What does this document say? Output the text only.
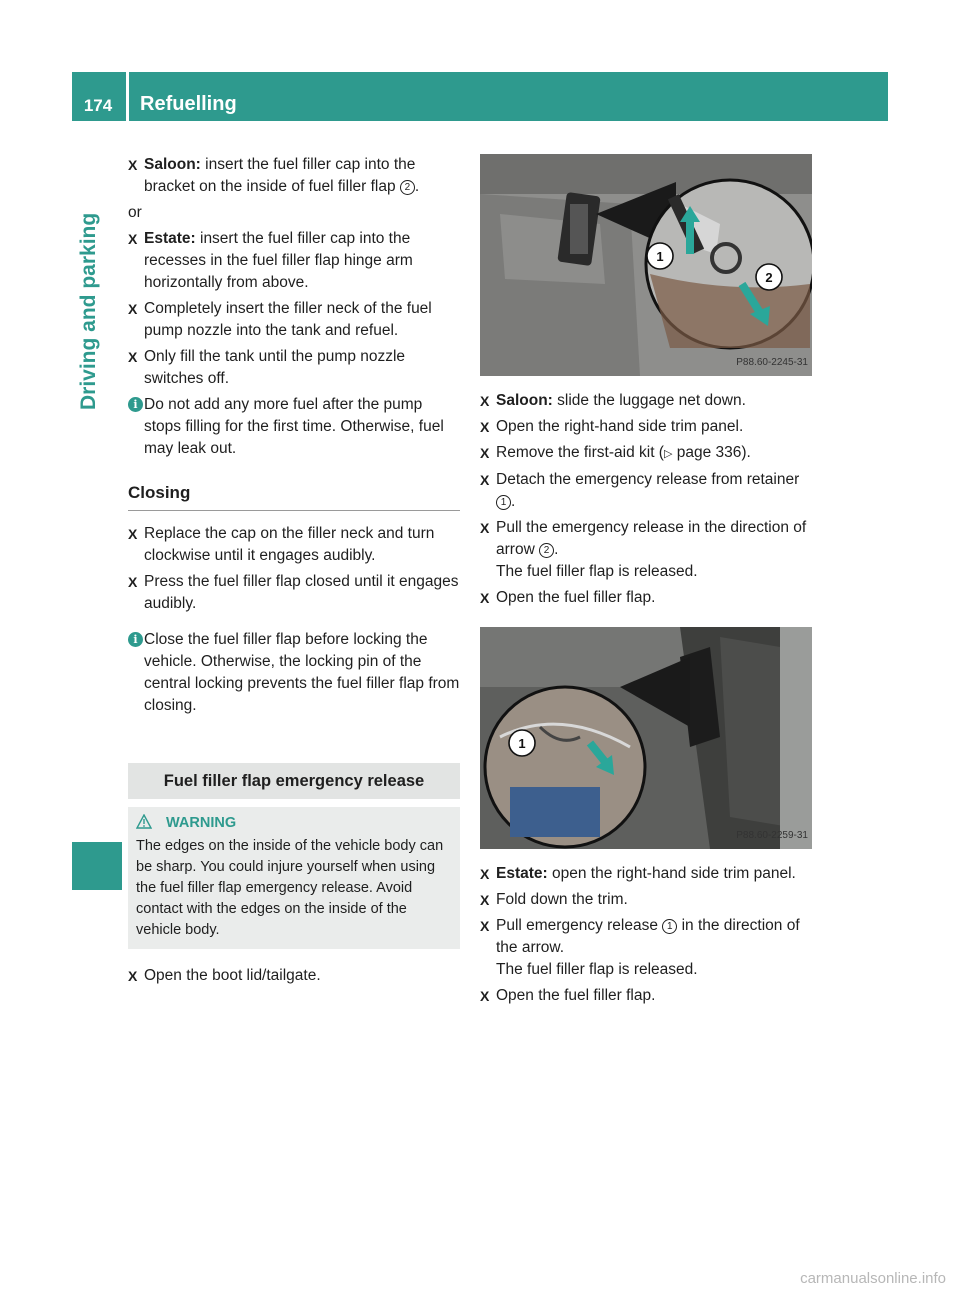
174	Refuelling
Driving and parking
X Saloon: insert the fuel filler cap into the bracket on the inside of fuel filler flap 2 .
or
X Estate: insert the fuel filler cap into the recesses in the fuel filler flap hinge arm horizontally from above.
X Completely insert the filler neck of the fuel pump nozzle into the tank and refuel.
X Only fill the tank until the pump nozzle switches off.
i Do not add any more fuel after the pump stops filling for the first time. Otherwise, fuel may leak out.
Closing
X Replace the cap on the filler neck and turn clockwise until it engages audibly.
X Press the fuel filler flap closed until it engages audibly.
i Close the fuel filler flap before locking the vehicle. Otherwise, the locking pin of the central locking prevents the fuel filler flap from closing.
Fuel filler flap emergency release
WARNING
The edges on the inside of the vehicle body can be sharp. You could injure yourself when using the fuel filler flap emergency release. Avoid contact with the edges on the inside of the vehicle body.
X Open the boot lid/tailgate.
1
2
P88.60-2245-31
X Saloon: slide the luggage net down.
X Open the right-hand side trim panel.
X Remove the first-aid kit (▷ page 336).
X Detach the emergency release from retainer 1 .
X Pull the emergency release in the direction of arrow 2 .
The fuel filler flap is released.
X Open the fuel filler flap.
1
P88.60-2259-31
X Estate: open the right-hand side trim panel.
X Fold down the trim.
X Pull emergency release 1 in the direction of the arrow.
The fuel filler flap is released.
X Open the fuel filler flap.
carmanualsonline.info
